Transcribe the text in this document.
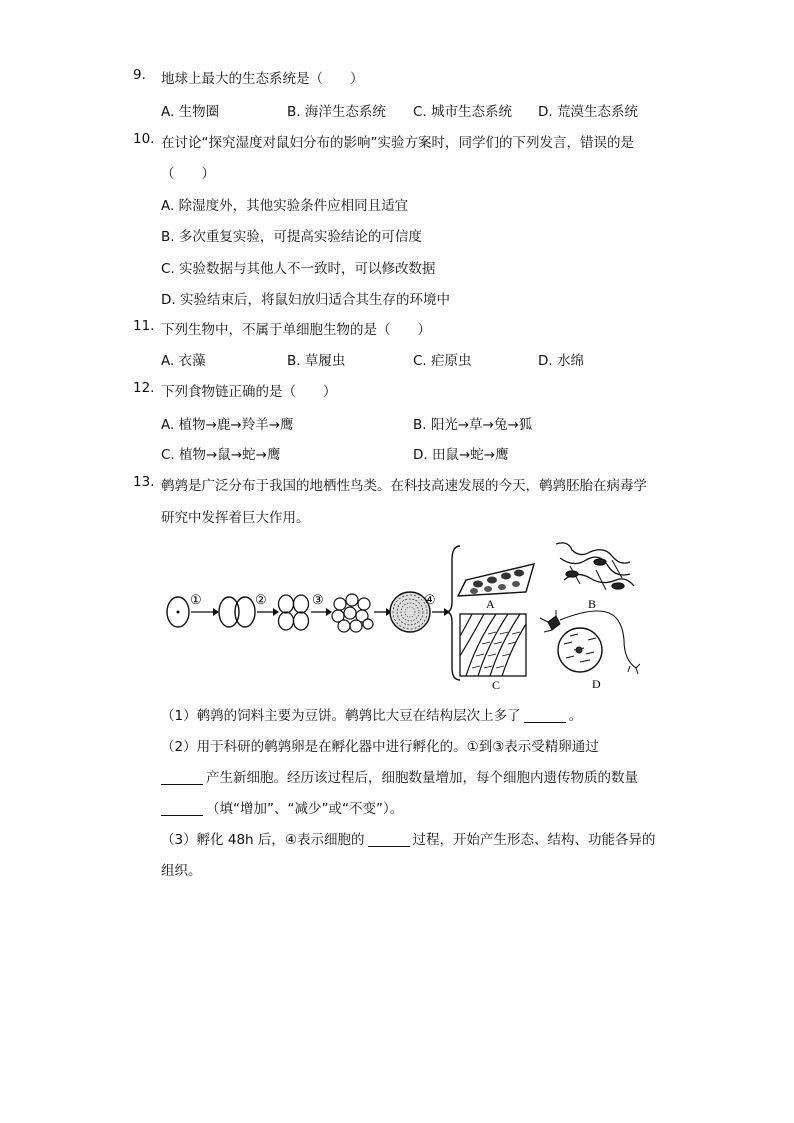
9. 地球上最大的生态系统是（　　）
A. 生物圈	B. 海洋生态系统 C. 城市生态系统 D. 荒漠生态系统
10. 在讨论“探究湿度对鼠妇分布的影响”实验方案时，同学们的下列发言，错误的是
（　　）
A. 除湿度外，其他实验条件应相同且适宜
B. 多次重复实验，可提高实验结论的可信度
C. 实验数据与其他人不一致时，可以修改数据
D. 实验结束后，将鼠妇放归适合其生存的环境中
11. 下列生物中，不属于单细胞生物的是（　　）
A. 衣藻	B. 草履虫	C. 疟原虫	D. 水绵
12. 下列食物链正确的是（　　）
A. 植物→鹿→羚羊→鹰	B. 阳光→草→兔→狐
C. 植物→鼠→蛇→鹰	D. 田鼠→蛇→鹰
13. 鹌鹑是广泛分布于我国的地栖性鸟类。在科技高速发展的今天，鹌鹑胚胎在病毒学
研究中发挥着巨大作用。
①	②	③	④	A	B
C	D
（1）鹌鹑的饲料主要为豆饼。鹌鹑比大豆在结构层次上多了	。
（2）用于科研的鹌鹑卵是在孵化器中进行孵化的。①到③表示受精卵通过
产生新细胞。经历该过程后，细胞数量增加，每个细胞内遗传物质的数量
（填“增加”、“减少”或“不变”）。
（3）孵化 48h 后，④表示细胞的	过程，开始产生形态、结构、功能各异的
组织。
